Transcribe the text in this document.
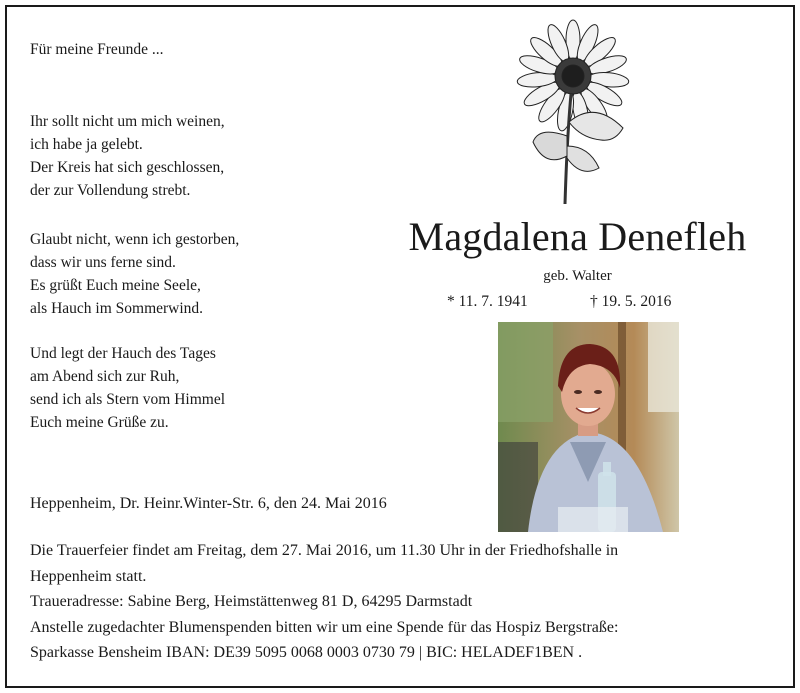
Für meine Freunde ...
Ihr sollt nicht um mich weinen,
ich habe ja gelebt.
Der Kreis hat sich geschlossen,
der zur Vollendung strebt.
Glaubt nicht, wenn ich gestorben,
dass wir uns ferne sind.
Es grüßt Euch meine Seele,
als Hauch im Sommerwind.
Und legt der Hauch des Tages
am Abend sich zur Ruh,
send ich als Stern vom Himmel
Euch meine Grüße zu.
Magdalena Denefleh
geb. Walter
* 11. 7. 1941	† 19. 5. 2016
Heppenheim, Dr. Heinr.Winter-Str. 6, den 24. Mai 2016
Die Trauerfeier findet am Freitag, dem 27. Mai 2016, um 11.30 Uhr in der Friedhofshalle in
Heppenheim statt.
Traueradresse: Sabine Berg, Heimstättenweg 81 D, 64295 Darmstadt
Anstelle zugedachter Blumenspenden bitten wir um eine Spende für das Hospiz Bergstraße:
Sparkasse Bensheim IBAN: DE39 5095 0068 0003 0730 79 | BIC: HELADEF1BEN .
